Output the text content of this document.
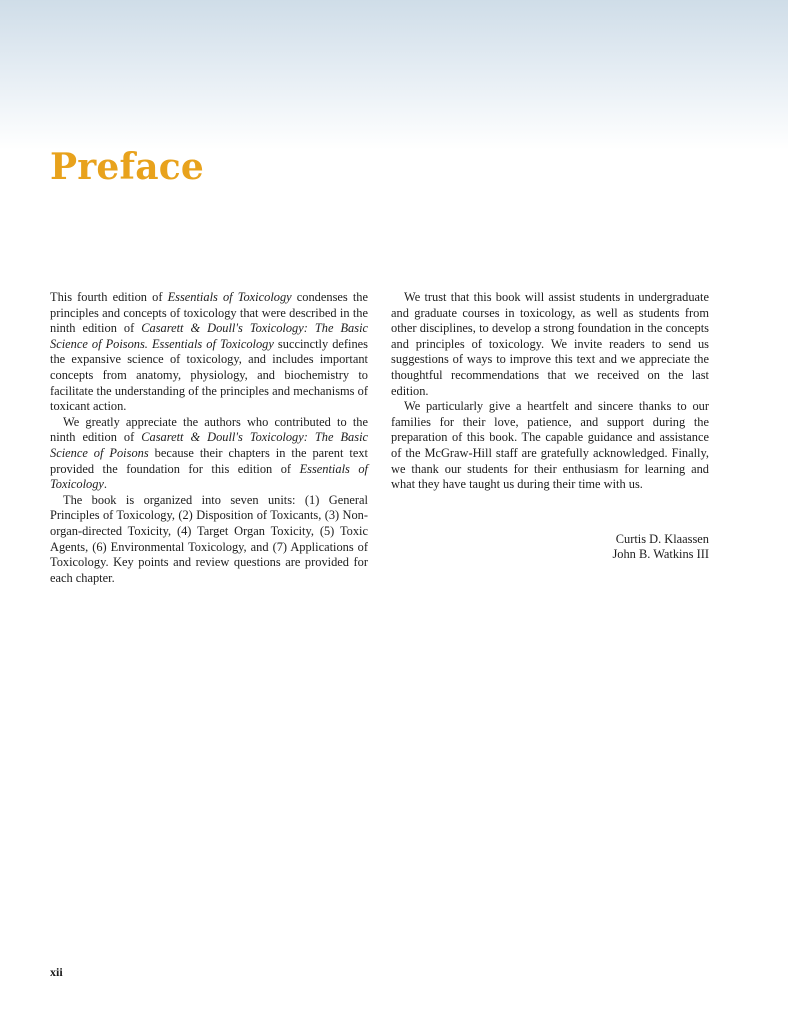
Preface

This fourth edition of Essentials of Toxicology condenses the principles and concepts of toxicology that were described in the ninth edition of Casarett & Doull's Toxicology: The Basic Science of Poisons. Essentials of Toxicology succinctly defines the expansive science of toxicology, and includes important concepts from anatomy, physiology, and biochemistry to facilitate the understanding of the principles and mechanisms of toxicant action.

We greatly appreciate the authors who contributed to the ninth edition of Casarett & Doull's Toxicology: The Basic Science of Poisons because their chapters in the parent text provided the foundation for this edition of Essentials of Toxicology.

The book is organized into seven units: (1) General Principles of Toxicology, (2) Disposition of Toxicants, (3) Non-organ-directed Toxicity, (4) Target Organ Toxicity, (5) Toxic Agents, (6) Environmental Toxicology, and (7) Applications of Toxicology. Key points and review questions are provided for each chapter.

We trust that this book will assist students in undergraduate and graduate courses in toxicology, as well as students from other disciplines, to develop a strong foundation in the concepts and principles of toxicology. We invite readers to send us suggestions of ways to improve this text and we appreciate the thoughtful recommendations that we received on the last edition.

We particularly give a heartfelt and sincere thanks to our families for their love, patience, and support during the preparation of this book. The capable guidance and assistance of the McGraw-Hill staff are gratefully acknowledged. Finally, we thank our students for their enthusiasm for learning and what they have taught us during their time with us.

Curtis D. Klaassen
John B. Watkins III
xii
